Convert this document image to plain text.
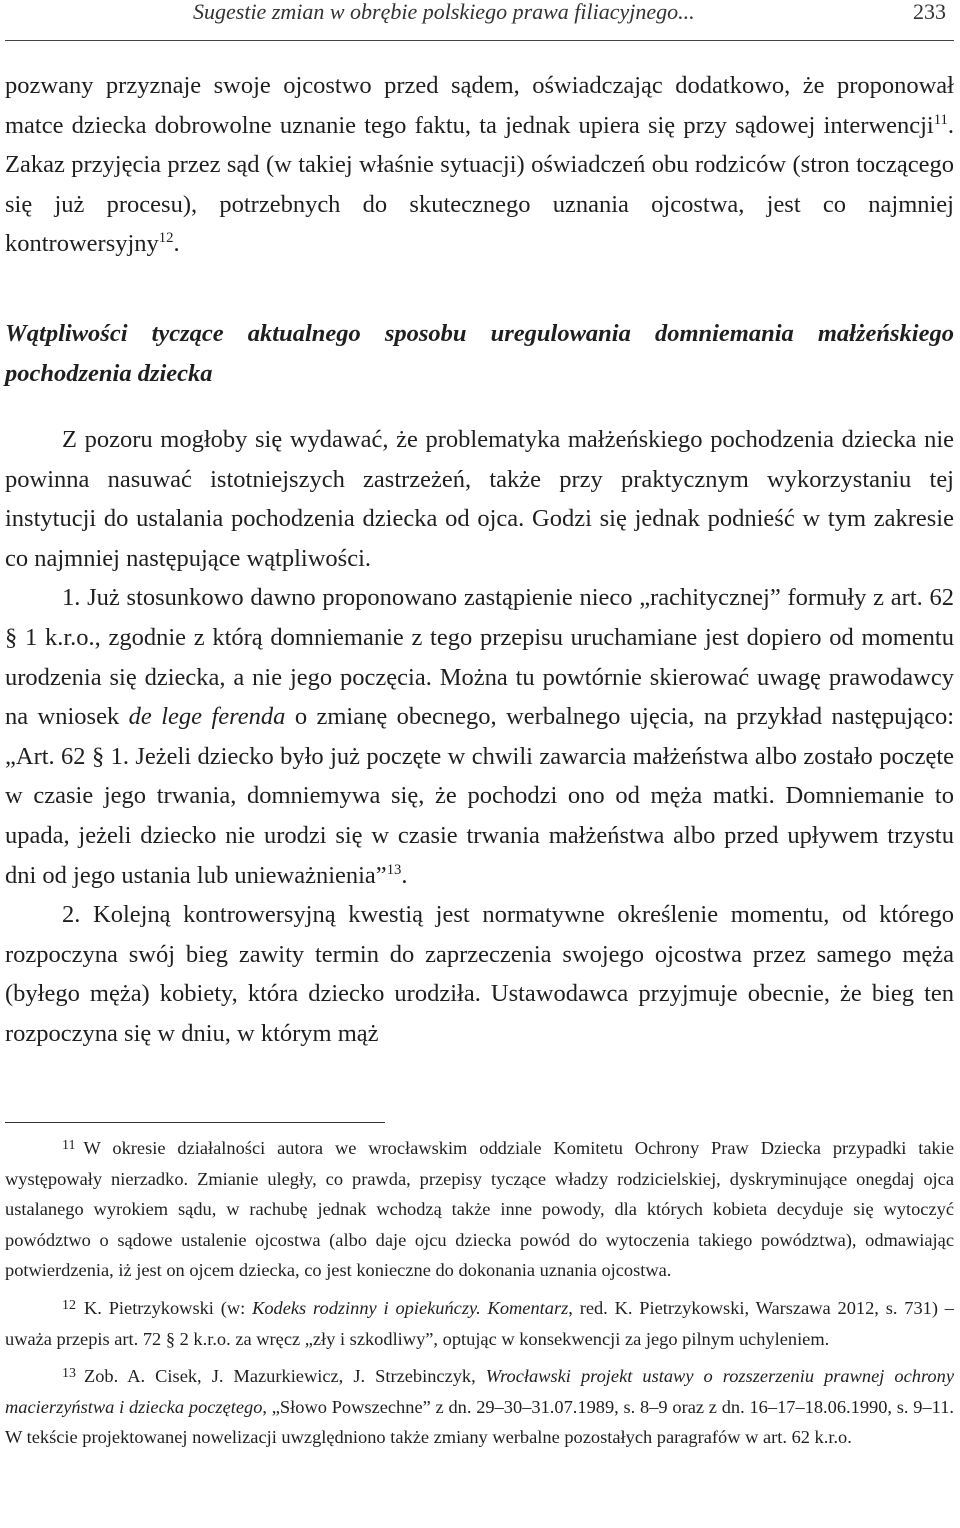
Sugestie zmian w obrębie polskiego prawa filiacyjnego...	233

pozwany przyznaje swoje ojcostwo przed sądem, oświadczając dodatkowo, że proponował matce dziecka dobrowolne uznanie tego faktu, ta jednak upiera się przy sądowej interwencji$^{11}$. Zakaz przyjęcia przez sąd (w takiej właśnie sytuacji) oświadczeń obu rodziców (stron toczącego się już procesu), potrzebnych do skutecznego uznania ojcostwa, jest co najmniej kontrowersyjny$^{12}$.

Wątpliwości tyczące aktualnego sposobu uregulowania domniemania małżeńskiego pochodzenia dziecka

Z pozoru mogłoby się wydawać, że problematyka małżeńskiego pochodzenia dziecka nie powinna nasuwać istotniejszych zastrzeżeń, także przy praktycznym wykorzystaniu tej instytucji do ustalania pochodzenia dziecka od ojca. Godzi się jednak podnieść w tym zakresie co najmniej następujące wątpliwości.

1. Już stosunkowo dawno proponowano zastąpienie nieco „rachitycznej” formuły z art. 62 § 1 k.r.o., zgodnie z którą domniemanie z tego przepisu uruchamiane jest dopiero od momentu urodzenia się dziecka, a nie jego poczęcia. Można tu powtórnie skierować uwagę prawodawcy na wniosek de lege ferenda o zmianę obecnego, werbalnego ujęcia, na przykład następująco: „Art. 62 § 1. Jeżeli dziecko było już poczęte w chwili zawarcia małżeństwa albo zostało poczęte w czasie jego trwania, domniemywa się, że pochodzi ono od męża matki. Domniemanie to upada, jeżeli dziecko nie urodzi się w czasie trwania małżeństwa albo przed upływem trzystu dni od jego ustania lub unieważnienia”$^{13}$.

2. Kolejną kontrowersyjną kwestią jest normatywne określenie momentu, od którego rozpoczyna swój bieg zawity termin do zaprzeczenia swojego ojcostwa przez samego męża (byłego męża) kobiety, która dziecko urodziła. Ustawodawca przyjmuje obecnie, że bieg ten rozpoczyna się w dniu, w którym mąż

$^{11}$ W okresie działalności autora we wrocławskim oddziale Komitetu Ochrony Praw Dziecka przypadki takie występowały nierzadko. Zmianie uległy, co prawda, przepisy tyczące władzy rodzicielskiej, dyskryminujące onegdaj ojca ustalanego wyrokiem sądu, w rachubę jednak wchodzą także inne powody, dla których kobieta decyduje się wytoczyć powództwo o sądowe ustalenie ojcostwa (albo daje ojcu dziecka powód do wytoczenia takiego powództwa), odmawiając potwierdzenia, iż jest on ojcem dziecka, co jest konieczne do dokonania uznania ojcostwa.

$^{12}$ K. Pietrzykowski (w: Kodeks rodzinny i opiekuńczy. Komentarz, red. K. Pietrzykowski, Warszawa 2012, s. 731) – uważa przepis art. 72 § 2 k.r.o. za wręcz „zły i szkodliwy”, optując w konsekwencji za jego pilnym uchyleniem.

$^{13}$ Zob. A. Cisek, J. Mazurkiewicz, J. Strzebinczyk, Wrocławski projekt ustawy o rozszerzeniu prawnej ochrony macierzyństwa i dziecka poczętego, „Słowo Powszechne” z dn. 29–30–31.07.1989, s. 8–9 oraz z dn. 16–17–18.06.1990, s. 9–11. W tekście projektowanej nowelizacji uwzględniono także zmiany werbalne pozostałych paragrafów w art. 62 k.r.o.
